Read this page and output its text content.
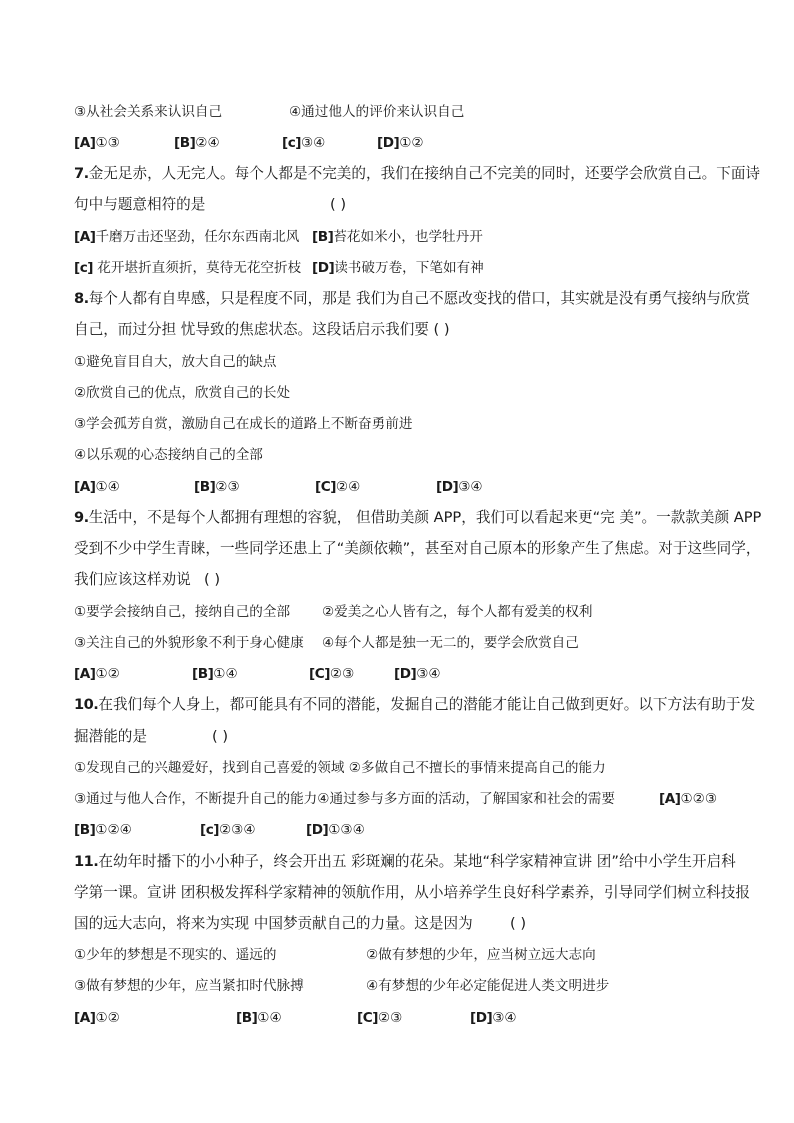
③从社会关系来认识自己	④通过他人的评价来认识自己
[A]①③	[B]②④	[c]③④	[D]①②
7.金无足赤，人无完人。每个人都是不完美的，我们在接纳自己不完美的同时，还要学会欣赏自己。下面诗
句中与题意相符的是	( )
[A]千磨万击还坚劲，任尔东西南北风 [B]苔花如米小，也学牡丹开
[c] 花开堪折直须折，莫待无花空折枝 [D]读书破万卷，下笔如有神
8.每个人都有自卑感，只是程度不同，那是 我们为自己不愿改变找的借口，其实就是没有勇气接纳与欣赏
自己，而过分担 忧导致的焦虑状态。这段话启示我们要 ( )
①避免盲目自大，放大自己的缺点
②欣赏自己的优点，欣赏自己的长处
③学会孤芳自赏，激励自己在成长的道路上不断奋勇前进
④以乐观的心态接纳自己的全部
[A]①④	[B]②③	[C]②④	[D]③④
9.生活中，不是每个人都拥有理想的容貌， 但借助美颜 APP，我们可以看起来更“完 美”。一款款美颜 APP
受到不少中学生青睐，一些同学还患上了“美颜依赖”，甚至对自己原本的形象产生了焦虑。对于这些同学，
我们应该这样劝说 ( )
①要学会接纳自己，接纳自己的全部 ②爱美之心人皆有之，每个人都有爱美的权利
③关注自己的外貌形象不利于身心健康 ④每个人都是独一无二的，要学会欣赏自己
[A]①②	[B]①④	[C]②③	[D]③④
10.在我们每个人身上，都可能具有不同的潜能，发掘自己的潜能才能让自己做到更好。以下方法有助于发
掘潜能的是	( )
①发现自己的兴趣爱好，找到自己喜爱的领域 ②多做自己不擅长的事情来提高自己的能力
③通过与他人合作，不断提升自己的能力④通过参与多方面的活动，了解国家和社会的需要	[A]①②③
[B]①②④	[c]②③④	[D]①③④
11.在幼年时播下的小小种子，终会开出五 彩斑斓的花朵。某地“科学家精神宣讲 团”给中小学生开启科
学第一课。宣讲 团积极发挥科学家精神的领航作用，从小培养学生良好科学素养，引导同学们树立科技报
国的远大志向，将来为实现 中国梦贡献自己的力量。这是因为	( )
①少年的梦想是不现实的、遥远的	②做有梦想的少年，应当树立远大志向
③做有梦想的少年，应当紧扣时代脉搏	④有梦想的少年必定能促进人类文明进步
[A]①②	[B]①④	[C]②③	[D]③④
